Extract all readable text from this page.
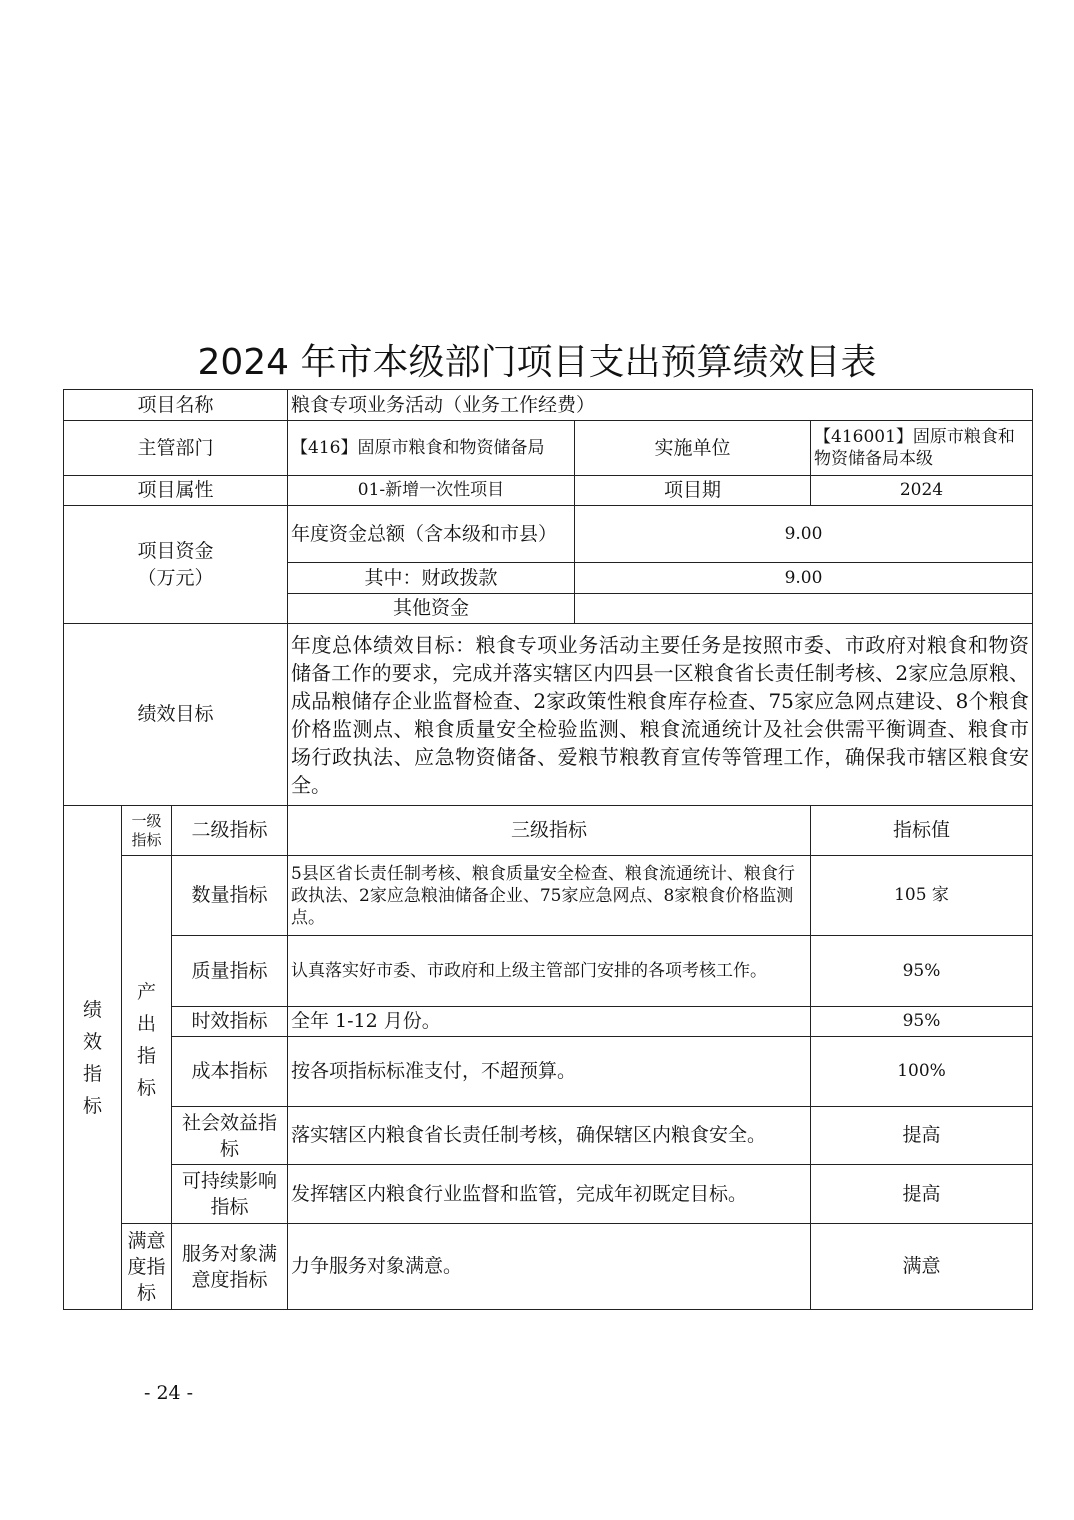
2024 年市本级部门项目支出预算绩效目表
项目名称			粮食专项业务活动（业务工作经费）		
主管部门			【416】固原市粮食和物资储备局	实施单位	【416001】固原市粮食和物资储备局本级
项目属性			01-新增一次性项目	项目期	2024

项目资金
（万元）			年度资金总额（含本级和市县）	9.00	
			其中：财政拨款	9.00	
			其他资金		
绩效目标			年度总体绩效目标：粮食专项业务活动主要任务是按照市委、市政府对粮食和物资储备工作的要求，完成并落实辖区内四县一区粮食省长责任制考核、2家应急原粮、成品粮储存企业监督检查、2家政策性粮食库存检查、75家应急网点建设、8个粮食价格监测点、粮食质量安全检验监测、粮食流通统计及社会供需平衡调查、粮食市场行政执法、应急物资储备、爱粮节粮教育宣传等管理工作，确保我市辖区粮食安全。		
绩效指标	一级指标	二级指标	三级指标		指标值
	产出指标	数量指标	5县区省长责任制考核、粮食质量安全检查、粮食流通统计、粮食行政执法、2家应急粮油储备企业、75家应急网点、8家粮食价格监测点。		105 家
		质量指标	认真落实好市委、市政府和上级主管部门安排的各项考核工作。		95%
		时效指标	全年 1-12 月份。		95%
		成本指标	按各项指标标准支付，不超预算。		100%
		社会效益指标	落实辖区内粮食省长责任制考核，确保辖区内粮食安全。		提高
		可持续影响指标	发挥辖区内粮食行业监督和监管，完成年初既定目标。		提高
	满意度指标	服务对象满意度指标	力争服务对象满意。		满意
- 24 -
